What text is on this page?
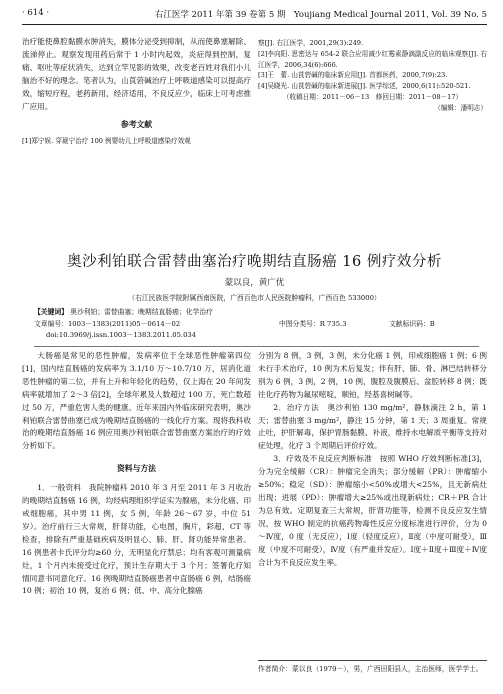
· 614 ·	右江医学 2011 年第 39 卷第 5 期　Youjiang Medical Journal 2011, Vol. 39 No. 5

治疗能使鼻腔黏膜水肿消失，膜体分泌受到抑制，从而使鼻塞解除、流涕停止。观察发现用药后常于 1 小时内起效，炎症得到控制，复痛、呕吐等症状消失，达到立竿见影的效果，改变老百姓对我们小儿脑治不好的理念。笔者认为，山莨菪碱治疗上呼吸道感染可以提高疗效，缩短疗程，老药新用，经济适用，不良反应少，临床上可考虑推广应用。

参考文献
[1]郑宁娱. 穿琥宁治疗 100 例婴幼儿上呼吸道感染疗效观
察[J]. 右江医学，2001,29(3):249.
[2]李向阳. 思密达与 654-2 联合应用减少红霉素静滴副反应的临床观察[J]. 右江医学，2006,34(6):666.
[3]王　蕾. 山莨菪碱的临床新应用[J]. 首都医药，2000,7(9):23.
[4]吴晓光. 山莨菪碱的临床新进展[J]. 医学综述，2000,6(11):520-521.
（收稿日期：2011－06－13　修回日期：2011－08－17）
（编辑：潘明志）
奥沙利铂联合雷替曲塞治疗晚期结直肠癌 16 例疗效分析
蒙以良，黄广优
（右江民族医学院附属西南医院，广西百色市人民医院肿瘤科，广西百色 533000）
【关键词】 奥沙利铂；雷替曲塞；晚期结直肠癌；化学治疗
文章编号：1003－1383(2011)05－0614－02	中图分类号：R 735.3	文献标识码：B
doi:10.3969/j.issn.1003－1383.2011.05.034

大肠癌是常见的恶性肿瘤，发病率位于全球恶性肿瘤第四位[1]，国内结直肠癌的发病率为 3.1/10 万～10.7/10 万，居消化道恶性肿瘤的第二位，并有上升和年轻化的趋势，仅上海在 20 年间发病率就增加了 2～3 倍[2]，全球年累及人数超过 100 万，死亡数超过 50 万，严重危害人类的健康。近年来国内外临床研究表明，奥沙利铂联合雷替曲塞已成为晚期结直肠癌的一线化疗方案。现将我科收治的晚期结直肠癌 16 例应用奥沙利铂联合雷替曲塞方案治疗的疗效分析如下。

资料与方法

1．一般资料　我院肿瘤科 2010 年 3 月至 2011 年 3 月收治的晚期结直肠癌 16 例，均经病理组织学证实为腺癌，未分化癌、印戒细胞癌，其中男 11 例，女 5 例，年龄 26～67 岁，中位 51 岁）。治疗前行三大常规，肝肾功能，心电图，胸片，彩超，CT 等检查，排除有严重基础疾病及明显心、肺、肝、肾功能异常患者。16 例患者卡氏评分均≥60 分，无明显化疗禁忌；均有客观可测量病灶，1 个月内未接受过化疗，预计生存期大于 3 个月；签署化疗知情同意书同意化疗。16 例晚期结直肠癌患者中直肠癌 6 例，结肠癌 10 例；初治 10 例，复治 6 例；低、中、高分化腺癌

分别为 8 例，3 例，3 例，未分化癌 1 例，印戒细胞癌 1 例；6 例未行手术治疗，10 例为术后复发；伴有肝、肺、骨、淋巴结转移分别为 6 例，3 例，2 例，10 例，腹腔及腹膜后、盆腔转移 8 例；既往化疗药物为氟尿嘧啶，顺铂，羟基喜树碱等。

2．治疗方法　奥沙利铂 130 mg/m²，静脉滴注 2 h，第 1 天；雷替曲塞 3 mg/m²，静注 15 分钟，第 1 天；3 周重复。常规止吐，护肝解毒，保护胃肠黏膜、补液，维持水电解质平衡等支持对症处理，化疗 3 个周期后评价疗效。

3．疗效及不良反应判断标准　按照 WHO 疗效判断标准[3]，分为完全缓解（CR）：肿瘤完全消失；部分缓解（PR）：肿瘤缩小≥50%；稳定（SD）：肿瘤缩小<50%或增大<25%，且无新病灶出现；进展（PD）：肿瘤增大≥25%或出现新病灶；CR＋PR 合计为总有效。定期复查三大常规，肝肾功能等，检测不良反应发生情况，按 WHO 制定的抗癌药物毒性反应分度标准进行评价，分为 0～Ⅳ度，0 度（无反应），Ⅰ度（轻度反应），Ⅱ度（中度可耐受），Ⅲ度（中度不可耐受），Ⅳ度（有严重并发症）。Ⅰ度＋Ⅱ度＋Ⅲ度＋Ⅳ度合计为不良反应发生率。

作者简介：蒙以良（1979－），男，广西田阳县人，主治医师，医学学士。
